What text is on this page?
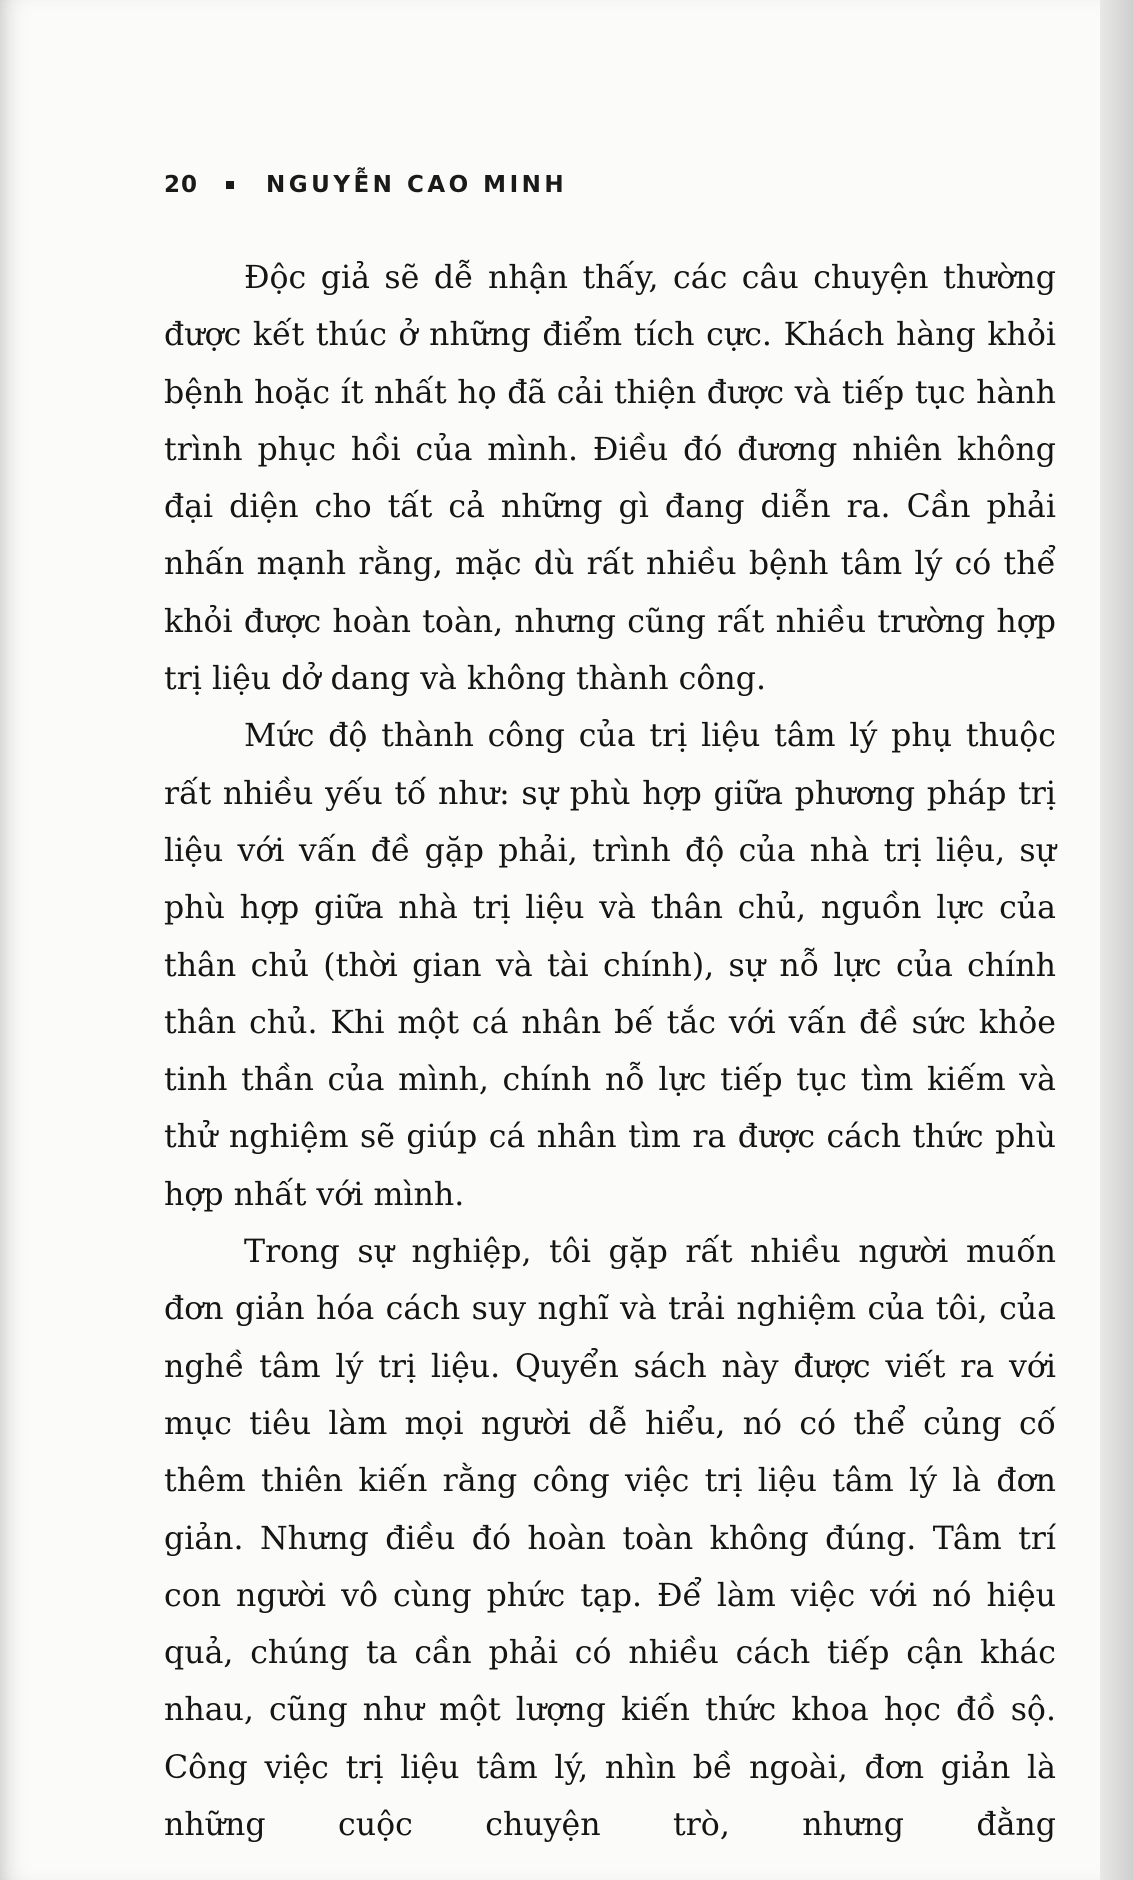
20	NGUYỄN CAO MINH

Độc giả sẽ dễ nhận thấy, các câu chuyện thường được kết thúc ở những điểm tích cực. Khách hàng khỏi bệnh hoặc ít nhất họ đã cải thiện được và tiếp tục hành trình phục hồi của mình. Điều đó đương nhiên không đại diện cho tất cả những gì đang diễn ra. Cần phải nhấn mạnh rằng, mặc dù rất nhiều bệnh tâm lý có thể khỏi được hoàn toàn, nhưng cũng rất nhiều trường hợp trị liệu dở dang và không thành công.

Mức độ thành công của trị liệu tâm lý phụ thuộc rất nhiều yếu tố như: sự phù hợp giữa phương pháp trị liệu với vấn đề gặp phải, trình độ của nhà trị liệu, sự phù hợp giữa nhà trị liệu và thân chủ, nguồn lực của thân chủ (thời gian và tài chính), sự nỗ lực của chính thân chủ. Khi một cá nhân bế tắc với vấn đề sức khỏe tinh thần của mình, chính nỗ lực tiếp tục tìm kiếm và thử nghiệm sẽ giúp cá nhân tìm ra được cách thức phù hợp nhất với mình.

Trong sự nghiệp, tôi gặp rất nhiều người muốn đơn giản hóa cách suy nghĩ và trải nghiệm của tôi, của nghề tâm lý trị liệu. Quyển sách này được viết ra với mục tiêu làm mọi người dễ hiểu, nó có thể củng cố thêm thiên kiến rằng công việc trị liệu tâm lý là đơn giản. Nhưng điều đó hoàn toàn không đúng. Tâm trí con người vô cùng phức tạp. Để làm việc với nó hiệu quả, chúng ta cần phải có nhiều cách tiếp cận khác nhau, cũng như một lượng kiến thức khoa học đồ sộ. Công việc trị liệu tâm lý, nhìn bề ngoài, đơn giản là những cuộc chuyện trò, nhưng đằng
